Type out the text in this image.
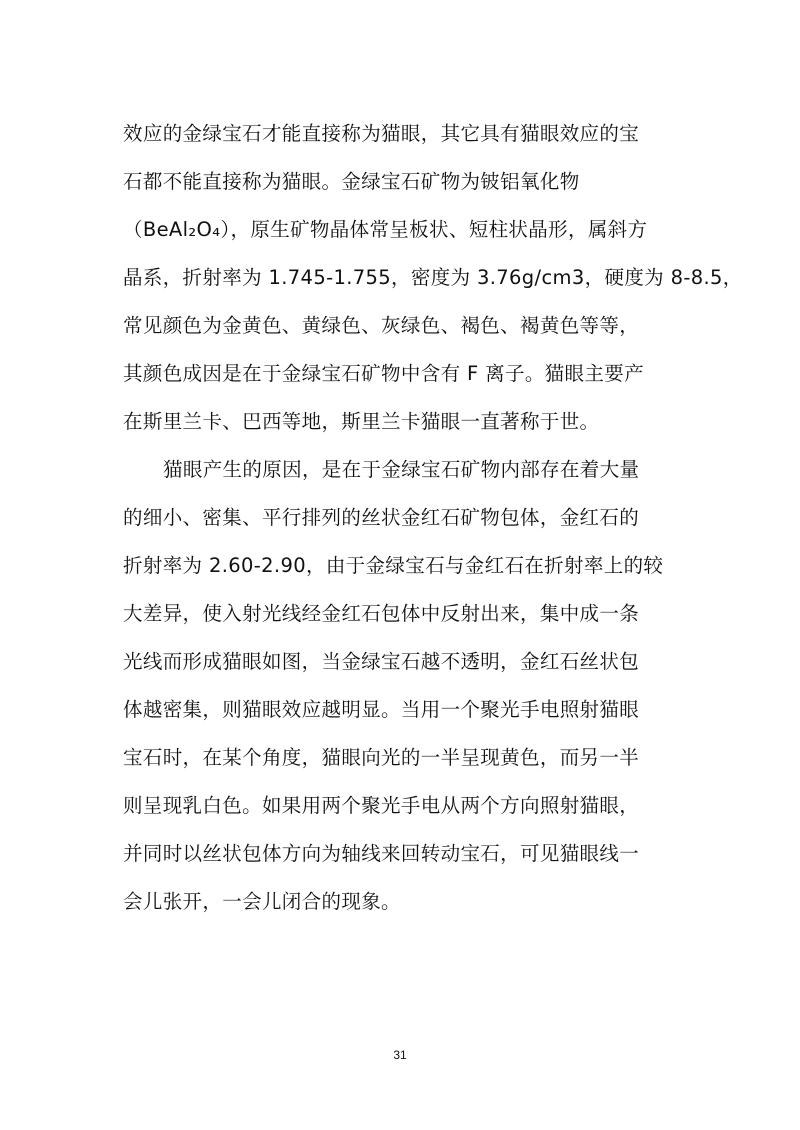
效应的金绿宝石才能直接称为猫眼，其它具有猫眼效应的宝
石都不能直接称为猫眼。金绿宝石矿物为铍铝氧化物
（BeAl₂O₄），原生矿物晶体常呈板状、短柱状晶形，属斜方
晶系，折射率为 1.745-1.755，密度为 3.76g/cm3，硬度为 8-8.5，
常见颜色为金黄色、黄绿色、灰绿色、褐色、褐黄色等等，
其颜色成因是在于金绿宝石矿物中含有 F 离子。猫眼主要产
在斯里兰卡、巴西等地，斯里兰卡猫眼一直著称于世。
猫眼产生的原因，是在于金绿宝石矿物内部存在着大量
的细小、密集、平行排列的丝状金红石矿物包体，金红石的
折射率为 2.60-2.90，由于金绿宝石与金红石在折射率上的较
大差异，使入射光线经金红石包体中反射出来，集中成一条
光线而形成猫眼如图，当金绿宝石越不透明，金红石丝状包
体越密集，则猫眼效应越明显。当用一个聚光手电照射猫眼
宝石时，在某个角度，猫眼向光的一半呈现黄色，而另一半
则呈现乳白色。如果用两个聚光手电从两个方向照射猫眼，
并同时以丝状包体方向为轴线来回转动宝石，可见猫眼线一
会儿张开，一会儿闭合的现象。
31
